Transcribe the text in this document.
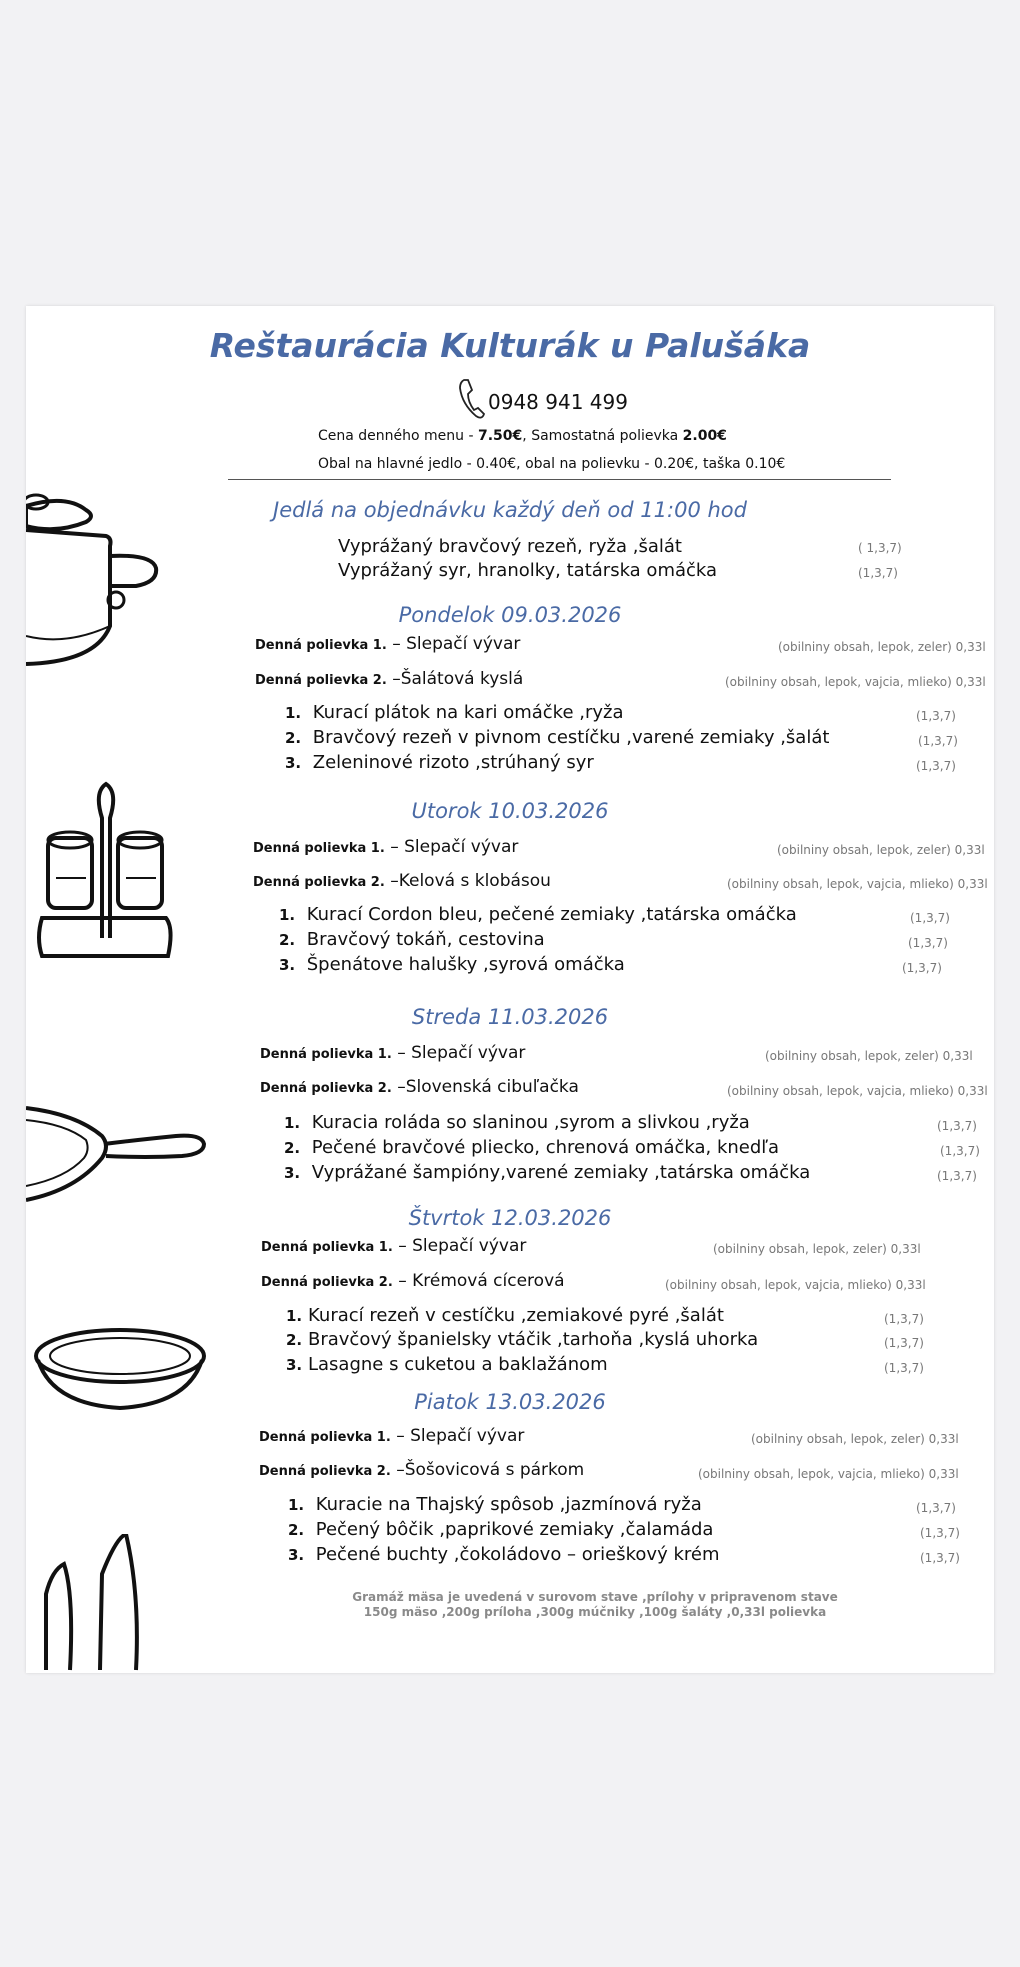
Reštaurácia Kulturák u Palušáka
0948 941 499
Cena denného menu - 7.50€, Samostatná polievka 2.00€
Obal na hlavné jedlo - 0.40€, obal na polievku - 0.20€, taška 0.10€
Jedlá na objednávku každý deň od 11:00 hod
Vyprážaný bravčový rezeň, ryža ,šalát	( 1,3,7)
Vyprážaný syr, hranolky, tatárska omáčka	(1,3,7)
Pondelok 09.03.2026
Denná polievka 1. – Slepačí vývar	(obilniny obsah, lepok, zeler) 0,33l
Denná polievka 2. –Šalátová kyslá	(obilniny obsah, lepok, vajcia, mlieko) 0,33l
1. Kurací plátok na kari omáčke ,ryža	(1,3,7)
2. Bravčový rezeň v pivnom cestíčku ,varené zemiaky ,šalát	(1,3,7)
3. Zeleninové rizoto ,strúhaný syr	(1,3,7)
Utorok 10.03.2026
Denná polievka 1. – Slepačí vývar	(obilniny obsah, lepok, zeler) 0,33l
Denná polievka 2. –Kelová s klobásou	(obilniny obsah, lepok, vajcia, mlieko) 0,33l
1. Kurací Cordon bleu, pečené zemiaky ,tatárska omáčka	(1,3,7)
2. Bravčový tokáň, cestovina	(1,3,7)
3. Špenátove halušky ,syrová omáčka	(1,3,7)
Streda 11.03.2026
Denná polievka 1. – Slepačí vývar	(obilniny obsah, lepok, zeler) 0,33l
Denná polievka 2. –Slovenská cibuľačka	(obilniny obsah, lepok, vajcia, mlieko) 0,33l
1. Kuracia roláda so slaninou ,syrom a slivkou ,ryža	(1,3,7)
2. Pečené bravčové pliecko, chrenová omáčka, knedľa	(1,3,7)
3. Vyprážané šampióny,varené zemiaky ,tatárska omáčka	(1,3,7)
Štvrtok 12.03.2026
Denná polievka 1. – Slepačí vývar	(obilniny obsah, lepok, zeler) 0,33l
Denná polievka 2. – Krémová cícerová	(obilniny obsah, lepok, vajcia, mlieko) 0,33l
1. Kurací rezeň v cestíčku ,zemiakové pyré ,šalát	(1,3,7)
2. Bravčový španielsky vtáčik ,tarhoňa ,kyslá uhorka	(1,3,7)
3. Lasagne s cuketou a baklažánom	(1,3,7)
Piatok 13.03.2026
Denná polievka 1. – Slepačí vývar	(obilniny obsah, lepok, zeler) 0,33l
Denná polievka 2. –Šošovicová s párkom	(obilniny obsah, lepok, vajcia, mlieko) 0,33l
1. Kuracie na Thajský spôsob ,jazmínová ryža	(1,3,7)
2. Pečený bôčik ,paprikové zemiaky ,čalamáda	(1,3,7)
3. Pečené buchty ,čokoládovo – orieškový krém	(1,3,7)
Gramáž mäsa je uvedená v surovom stave ,prílohy v pripravenom stave
150g mäso ,200g príloha ,300g múčniky ,100g šaláty ,0,33l polievka
